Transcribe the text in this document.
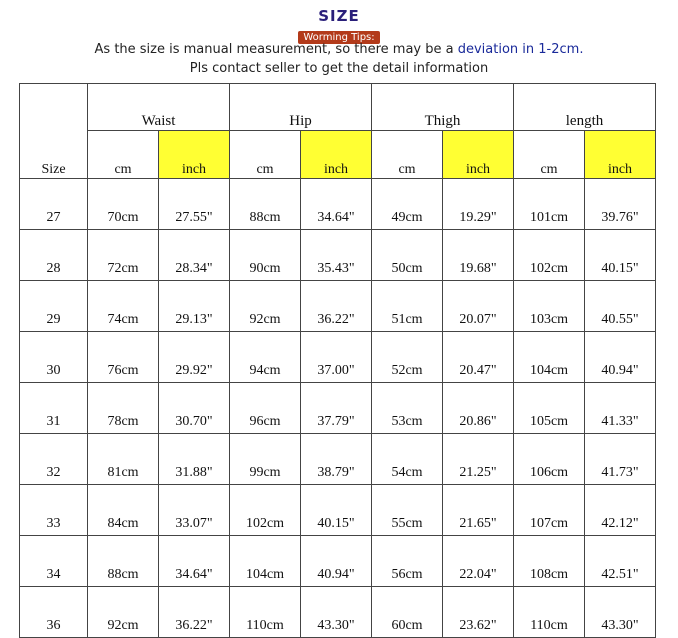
SIZE
Worming Tips:
As the size is manual measurement, so there may be a deviation in 1-2cm.
Pls contact seller to get the detail information
Size	Waist		Hip		Thigh		length	
	cm	inch	cm	inch	cm	inch	cm	inch
27	70cm	27.55"	88cm	34.64"	49cm	19.29"	101cm	39.76"
28	72cm	28.34"	90cm	35.43"	50cm	19.68"	102cm	40.15"
29	74cm	29.13"	92cm	36.22"	51cm	20.07"	103cm	40.55"
30	76cm	29.92"	94cm	37.00"	52cm	20.47"	104cm	40.94"
31	78cm	30.70"	96cm	37.79"	53cm	20.86"	105cm	41.33"
32	81cm	31.88"	99cm	38.79"	54cm	21.25"	106cm	41.73"
33	84cm	33.07"	102cm	40.15"	55cm	21.65"	107cm	42.12"
34	88cm	34.64"	104cm	40.94"	56cm	22.04"	108cm	42.51"
36	92cm	36.22"	110cm	43.30"	60cm	23.62"	110cm	43.30"
